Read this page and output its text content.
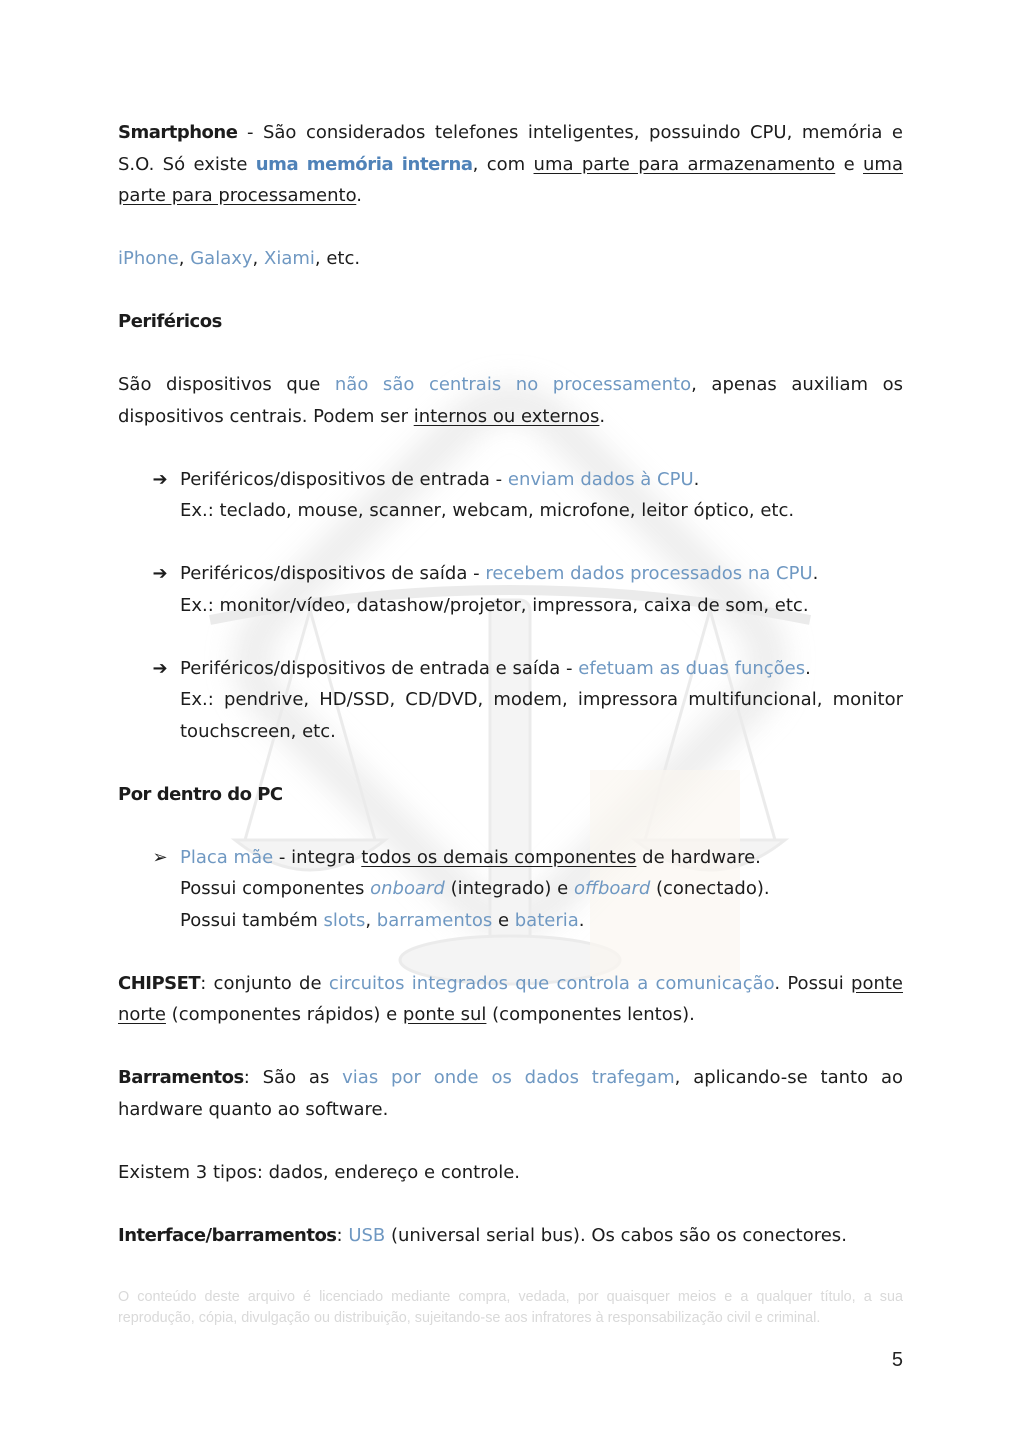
Smartphone - São considerados telefones inteligentes, possuindo CPU, memória e S.O. Só existe uma memória interna, com uma parte para armazenamento e uma parte para processamento.

iPhone, Galaxy, Xiami, etc.

Periféricos

São dispositivos que não são centrais no processamento, apenas auxiliam os dispositivos centrais. Podem ser internos ou externos.

➔ Periféricos/dispositivos de entrada - enviam dados à CPU.

Ex.: teclado, mouse, scanner, webcam, microfone, leitor óptico, etc.

➔ Periféricos/dispositivos de saída - recebem dados processados na CPU.

Ex.: monitor/vídeo, datashow/projetor, impressora, caixa de som, etc.

➔ Periféricos/dispositivos de entrada e saída - efetuam as duas funções.

Ex.: pendrive, HD/SSD, CD/DVD, modem, impressora multifuncional, monitor touchscreen, etc.

Por dentro do PC

➢ Placa mãe - integra todos os demais componentes de hardware.

Possui componentes onboard (integrado) e offboard (conectado).

Possui também slots, barramentos e bateria.

CHIPSET: conjunto de circuitos integrados que controla a comunicação. Possui ponte norte (componentes rápidos) e ponte sul (componentes lentos).

Barramentos: São as vias por onde os dados trafegam, aplicando-se tanto ao hardware quanto ao software.

Existem 3 tipos: dados, endereço e controle.

Interface/barramentos: USB (universal serial bus). Os cabos são os conectores.

O conteúdo deste arquivo é licenciado mediante compra, vedada, por quaisquer meios e a qualquer título, a sua reprodução, cópia, divulgação ou distribuição, sujeitando-se aos infratores à responsabilização civil e criminal.

5
